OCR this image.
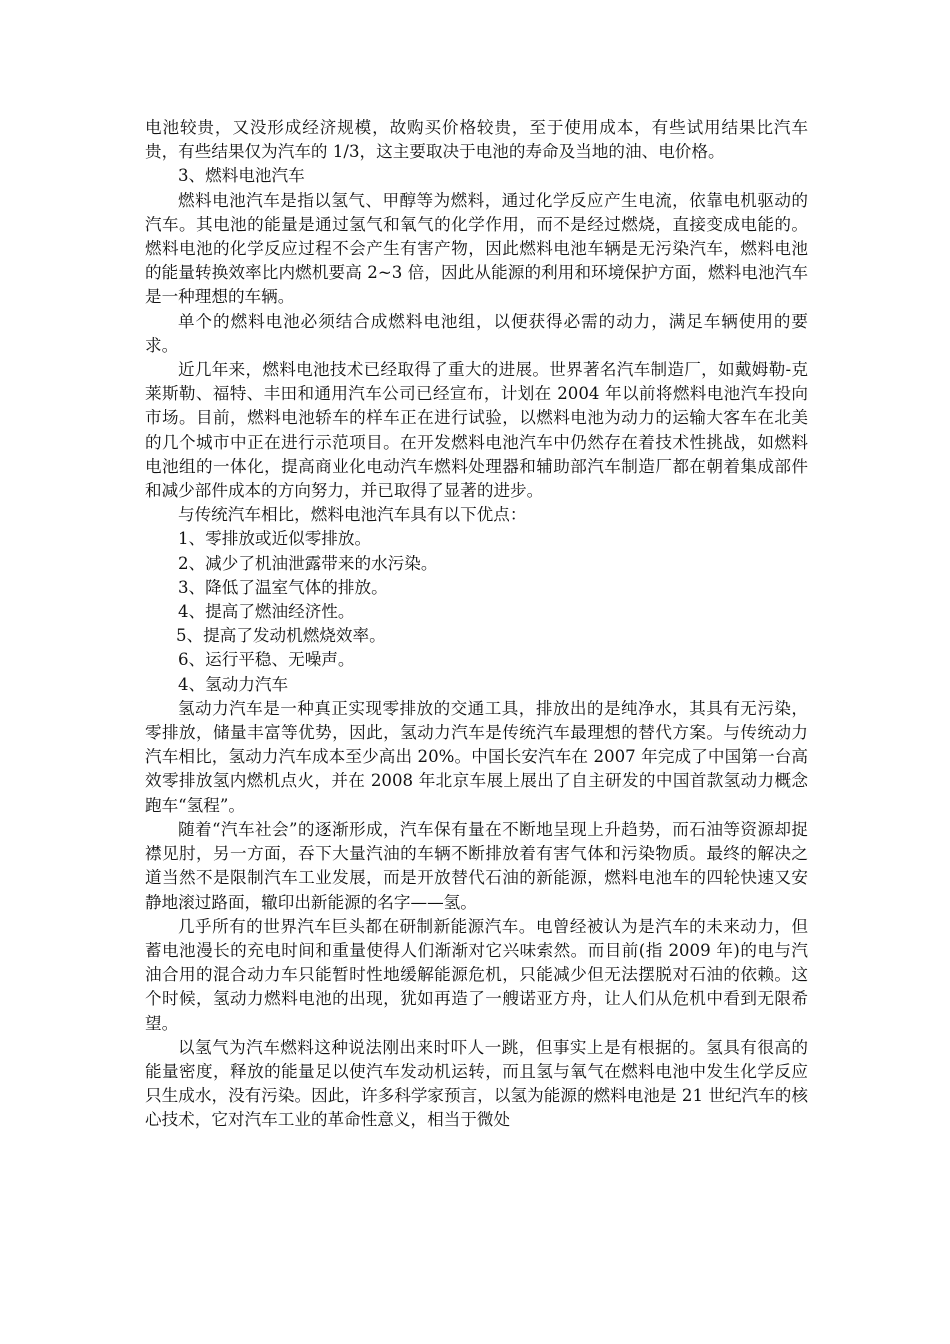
电池较贵，又没形成经济规模，故购买价格较贵，至于使用成本，有些试用结果比汽车贵，有些结果仅为汽车的 1/3，这主要取决于电池的寿命及当地的油、电价格。

3、燃料电池汽车

燃料电池汽车是指以氢气、甲醇等为燃料，通过化学反应产生电流，依靠电机驱动的汽车。其电池的能量是通过氢气和氧气的化学作用，而不是经过燃烧，直接变成电能的。燃料电池的化学反应过程不会产生有害产物，因此燃料电池车辆是无污染汽车，燃料电池的能量转换效率比内燃机要高 2~3 倍，因此从能源的利用和环境保护方面，燃料电池汽车是一种理想的车辆。

单个的燃料电池必须结合成燃料电池组，以便获得必需的动力，满足车辆使用的要求。

近几年来，燃料电池技术已经取得了重大的进展。世界著名汽车制造厂，如戴姆勒-克莱斯勒、福特、丰田和通用汽车公司已经宣布，计划在 2004 年以前将燃料电池汽车投向市场。目前，燃料电池轿车的样车正在进行试验，以燃料电池为动力的运输大客车在北美的几个城市中正在进行示范项目。在开发燃料电池汽车中仍然存在着技术性挑战，如燃料电池组的一体化，提高商业化电动汽车燃料处理器和辅助部汽车制造厂都在朝着集成部件和减少部件成本的方向努力，并已取得了显著的进步。

与传统汽车相比，燃料电池汽车具有以下优点：

1、零排放或近似零排放。

2、减少了机油泄露带来的水污染。

3、降低了温室气体的排放。

4、提高了燃油经济性。

5、提高了发动机燃烧效率。

6、运行平稳、无噪声。

4、氢动力汽车

氢动力汽车是一种真正实现零排放的交通工具，排放出的是纯净水，其具有无污染，零排放，储量丰富等优势，因此，氢动力汽车是传统汽车最理想的替代方案。与传统动力汽车相比，氢动力汽车成本至少高出 20%。中国长安汽车在 2007 年完成了中国第一台高效零排放氢内燃机点火，并在 2008 年北京车展上展出了自主研发的中国首款氢动力概念跑车“氢程”。

随着“汽车社会”的逐渐形成，汽车保有量在不断地呈现上升趋势，而石油等资源却捉襟见肘，另一方面，吞下大量汽油的车辆不断排放着有害气体和污染物质。最终的解决之道当然不是限制汽车工业发展，而是开放替代石油的新能源，燃料电池车的四轮快速又安静地滚过路面，辙印出新能源的名字——氢。

几乎所有的世界汽车巨头都在研制新能源汽车。电曾经被认为是汽车的未来动力，但蓄电池漫长的充电时间和重量使得人们渐渐对它兴味索然。而目前(指 2009 年)的电与汽油合用的混合动力车只能暂时性地缓解能源危机，只能减少但无法摆脱对石油的依赖。这个时候，氢动力燃料电池的出现，犹如再造了一艘诺亚方舟，让人们从危机中看到无限希望。

以氢气为汽车燃料这种说法刚出来时吓人一跳，但事实上是有根据的。氢具有很高的能量密度，释放的能量足以使汽车发动机运转，而且氢与氧气在燃料电池中发生化学反应只生成水，没有污染。因此，许多科学家预言，以氢为能源的燃料电池是 21 世纪汽车的核心技术，它对汽车工业的革命性意义，相当于微处
